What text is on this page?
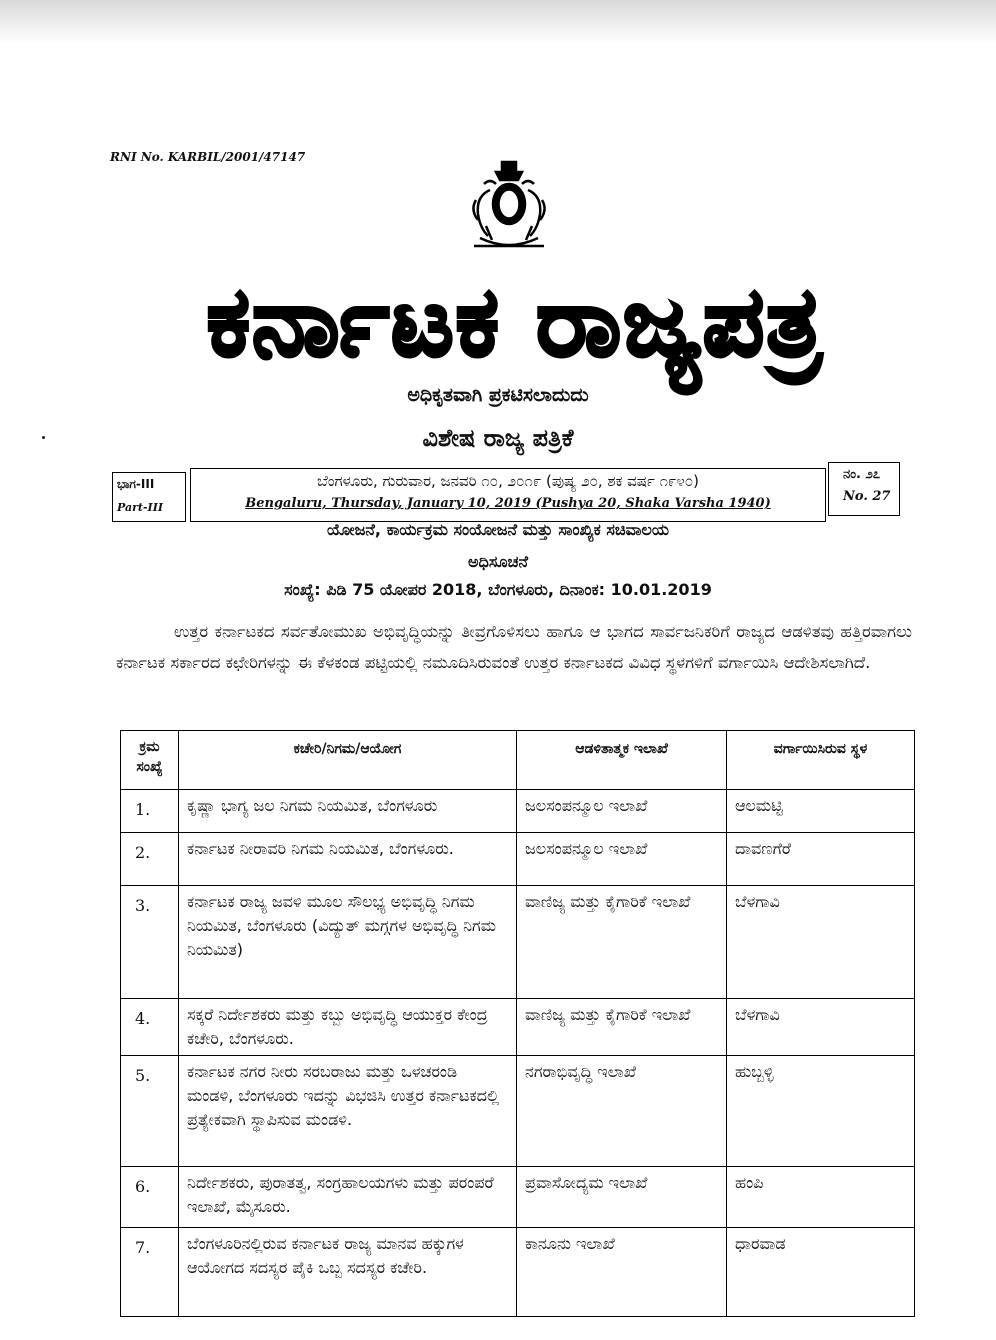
RNI No. KARBIL/2001/47147
ಕರ್ನಾಟಕ ರಾಜ್ಯಪತ್ರ
ಅಧಿಕೃತವಾಗಿ ಪ್ರಕಟಿಸಲಾದುದು
ವಿಶೇಷ ರಾಜ್ಯ ಪತ್ರಿಕೆ
ಭಾಗ-III
Part-III
ಬೆಂಗಳೂರು, ಗುರುವಾರ, ಜನವರಿ ೧೦, ೨೦೧೯ (ಪುಷ್ಯ ೨೦, ಶಕ ವರ್ಷ ೧೯೪೦)
Bengaluru, Thursday, January 10, 2019 (Pushya 20, Shaka Varsha 1940)
ನಂ. ೨೭
No. 27
ಯೋಜನೆ, ಕಾರ್ಯಕ್ರಮ ಸಂಯೋಜನೆ ಮತ್ತು ಸಾಂಖ್ಯಿಕ ಸಚಿವಾಲಯ
ಅಧಿಸೂಚನೆ
ಸಂಖ್ಯೆ: ಪಿಡಿ 75 ಯೋಪರ 2018, ಬೆಂಗಳೂರು, ದಿನಾಂಕ: 10.01.2019
ಉತ್ತರ ಕರ್ನಾಟಕದ ಸರ್ವತೋಮುಖ ಅಭಿವೃದ್ಧಿಯನ್ನು ತೀವ್ರಗೊಳಿಸಲು ಹಾಗೂ ಆ ಭಾಗದ ಸಾರ್ವಜನಿಕರಿಗೆ ರಾಜ್ಯದ ಆಡಳಿತವು ಹತ್ತಿರವಾಗಲು ಕರ್ನಾಟಕ ಸರ್ಕಾರದ ಕಛೇರಿಗಳನ್ನು ಈ ಕೆಳಕಂಡ ಪಟ್ಟಿಯಲ್ಲಿ ನಮೂದಿಸಿರುವಂತೆ ಉತ್ತರ ಕರ್ನಾಟಕದ ವಿವಿಧ ಸ್ಥಳಗಳಿಗೆ ವರ್ಗಾಯಿಸಿ ಆದೇಶಿಸಲಾಗಿದೆ.
ಕ್ರಮ ಸಂಖ್ಯೆ	ಕಚೇರಿ/ನಿಗಮ/ಆಯೋಗ	ಆಡಳಿತಾತ್ಮಕ ಇಲಾಖೆ	ವರ್ಗಾಯಿಸಿರುವ ಸ್ಥಳ
1.	ಕೃಷ್ಣಾ ಭಾಗ್ಯ ಜಲ ನಿಗಮ ನಿಯಮಿತ, ಬೆಂಗಳೂರು	ಜಲಸಂಪನ್ಮೂಲ ಇಲಾಖೆ	ಆಲಮಟ್ಟಿ
2.	ಕರ್ನಾಟಕ ನೀರಾವರಿ ನಿಗಮ ನಿಯಮಿತ, ಬೆಂಗಳೂರು.	ಜಲಸಂಪನ್ಮೂಲ ಇಲಾಖೆ	ದಾವಣಗೆರೆ
3.	ಕರ್ನಾಟಕ ರಾಜ್ಯ ಜವಳಿ ಮೂಲ ಸೌಲಭ್ಯ ಅಭಿವೃದ್ಧಿ ನಿಗಮ ನಿಯಮಿತ, ಬೆಂಗಳೂರು (ವಿದ್ಯುತ್ ಮಗ್ಗಗಳ ಅಭಿವೃದ್ಧಿ ನಿಗಮ ನಿಯಮಿತ)	ವಾಣಿಜ್ಯ ಮತ್ತು ಕೈಗಾರಿಕೆ ಇಲಾಖೆ	ಬೆಳಗಾವಿ
4.	ಸಕ್ಕರೆ ನಿರ್ದೇಶಕರು ಮತ್ತು ಕಬ್ಬು ಅಭಿವೃದ್ಧಿ ಆಯುಕ್ತರ ಕೇಂದ್ರ ಕಚೇರಿ, ಬೆಂಗಳೂರು.	ವಾಣಿಜ್ಯ ಮತ್ತು ಕೈಗಾರಿಕೆ ಇಲಾಖೆ	ಬೆಳಗಾವಿ
5.	ಕರ್ನಾಟಕ ನಗರ ನೀರು ಸರಬರಾಜು ಮತ್ತು ಒಳಚರಂಡಿ ಮಂಡಳಿ, ಬೆಂಗಳೂರು ಇದನ್ನು ವಿಭಜಿಸಿ ಉತ್ತರ ಕರ್ನಾಟಕದಲ್ಲಿ ಪ್ರತ್ಯೇಕವಾಗಿ ಸ್ಥಾಪಿಸುವ ಮಂಡಳಿ.	ನಗರಾಭಿವೃದ್ಧಿ ಇಲಾಖೆ	ಹುಬ್ಬಳ್ಳಿ
6.	ನಿರ್ದೇಶಕರು, ಪುರಾತತ್ವ, ಸಂಗ್ರಹಾಲಯಗಳು ಮತ್ತು ಪರಂಪರೆ ಇಲಾಖೆ, ಮೈಸೂರು.	ಪ್ರವಾಸೋದ್ಯಮ ಇಲಾಖೆ	ಹಂಪಿ
7.	ಬೆಂಗಳೂರಿನಲ್ಲಿರುವ ಕರ್ನಾಟಕ ರಾಜ್ಯ ಮಾನವ ಹಕ್ಕುಗಳ ಆಯೋಗದ ಸದಸ್ಯರ ಪೈಕಿ ಒಬ್ಬ ಸದಸ್ಯರ ಕಚೇರಿ.	ಕಾನೂನು ಇಲಾಖೆ	ಧಾರವಾಡ
